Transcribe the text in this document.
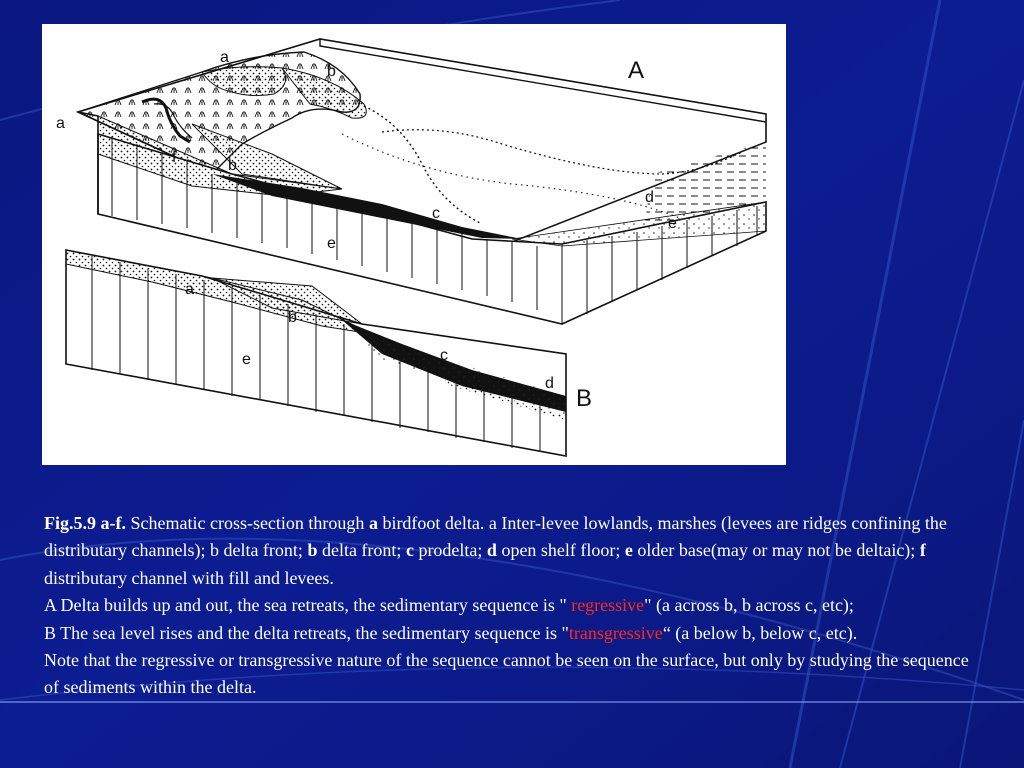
A
a
a
b
b
f
c
d
e
e
B
a
b
c
d
e

Fig.5.9 a-f. Schematic cross-section through a birdfoot delta. a Inter-levee lowlands, marshes (levees are ridges confining the distributary channels); b delta front; b delta front; c prodelta; d open shelf floor; e older base(may or may not be deltaic); f distributary channel with fill and levees.

A Delta builds up and out, the sea retreats, the sedimentary sequence is " regressive" (a across b, b across c, etc);

B The sea level rises and the delta retreats, the sedimentary sequence is "transgressive“ (a below b, below c, etc).

Note that the regressive or transgressive nature of the sequence cannot be seen on the surface, but only by studying the sequence of sediments within the delta.
